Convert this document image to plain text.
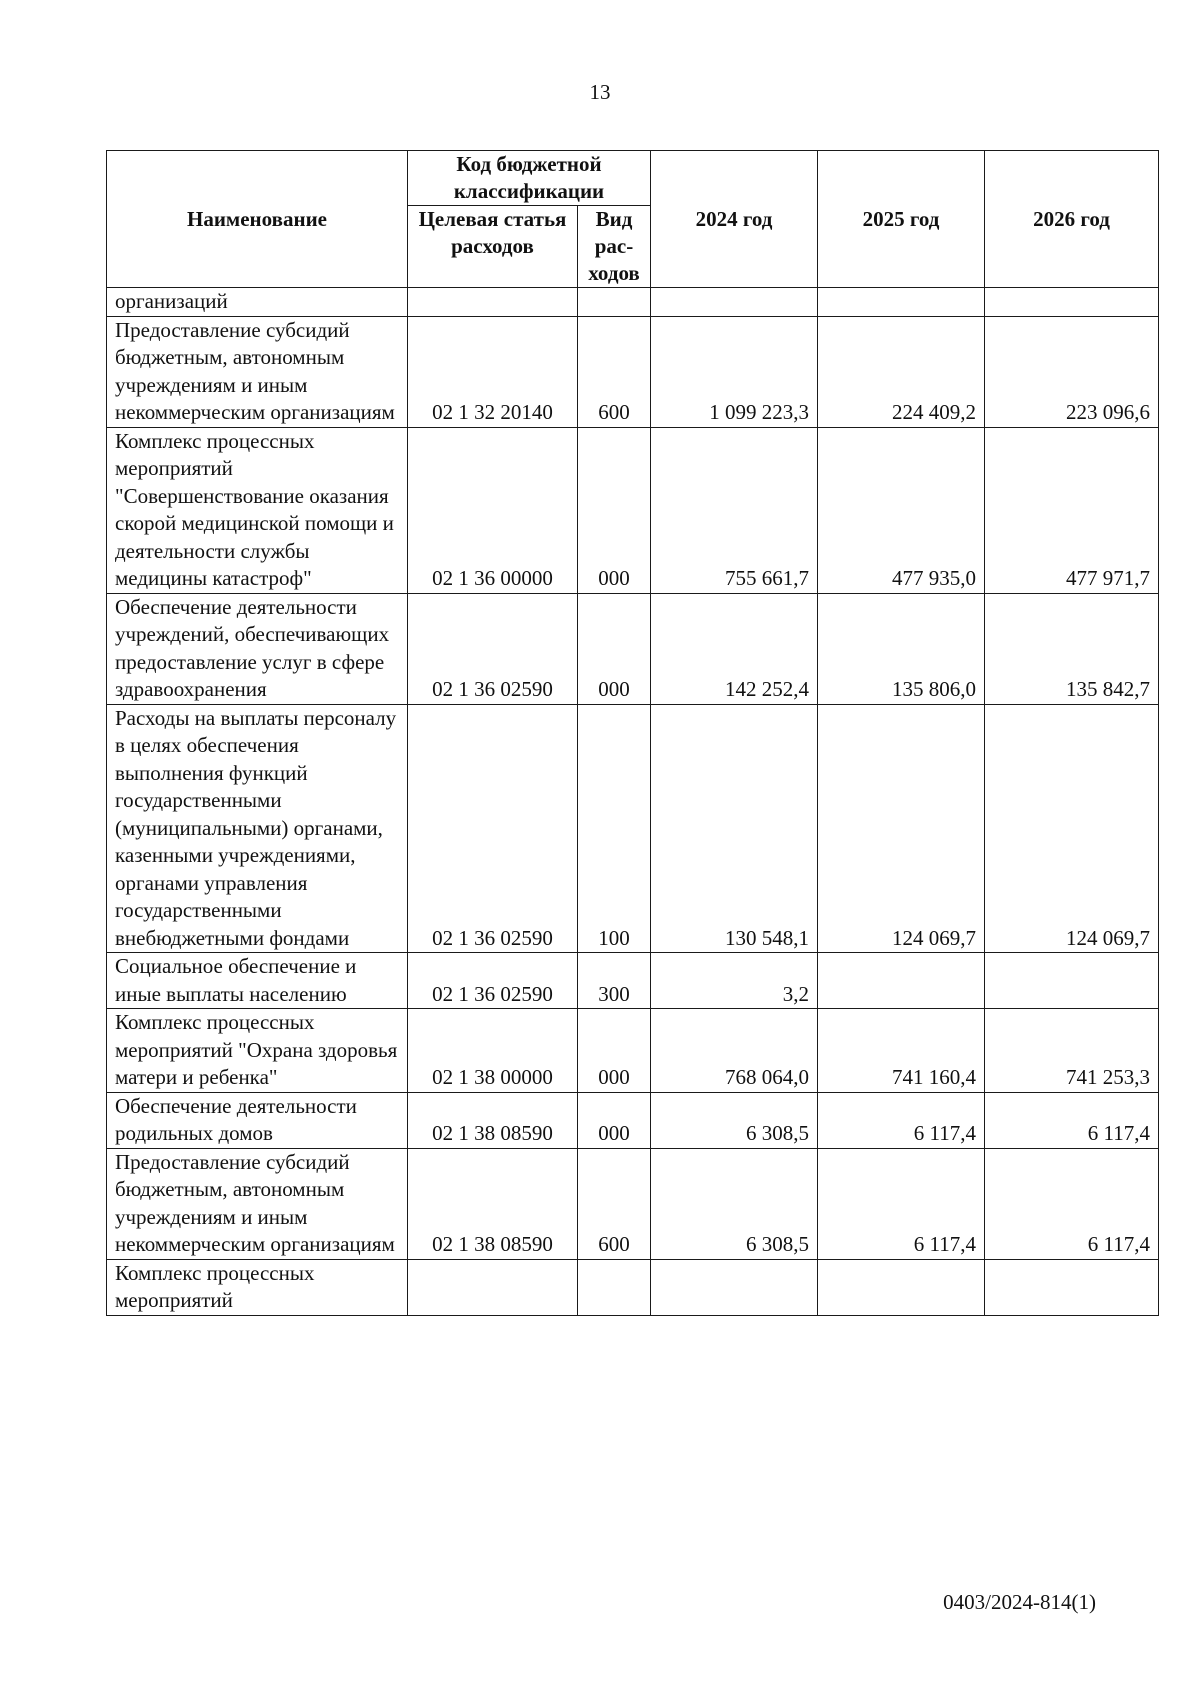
13
Наименование	Код бюджетной классификации		2024 год	2025 год	2026 год
	Целевая статья расходов	Вид рас-ходов			
организаций					
Предоставление субсидий бюджетным, автономным учреждениям и иным некоммерческим организациям	02 1 32 20140	600	1 099 223,3	224 409,2	223 096,6
Комплекс процессных мероприятий "Совершенствование оказания скорой медицинской помощи и деятельности службы медицины катастроф"	02 1 36 00000	000	755 661,7	477 935,0	477 971,7
Обеспечение деятельности учреждений, обеспечивающих предоставление услуг в сфере здравоохранения	02 1 36 02590	000	142 252,4	135 806,0	135 842,7
Расходы на выплаты персоналу в целях обеспечения выполнения функций государственными (муниципальными) органами, казенными учреждениями, органами управления государственными внебюджетными фондами	02 1 36 02590	100	130 548,1	124 069,7	124 069,7
Социальное обеспечение и иные выплаты населению	02 1 36 02590	300	3,2		
Комплекс процессных мероприятий "Охрана здоровья матери и ребенка"	02 1 38 00000	000	768 064,0	741 160,4	741 253,3
Обеспечение деятельности родильных домов	02 1 38 08590	000	6 308,5	6 117,4	6 117,4
Предоставление субсидий бюджетным, автономным учреждениям и иным некоммерческим организациям	02 1 38 08590	600	6 308,5	6 117,4	6 117,4
Комплекс процессных мероприятий					
0403/2024-814(1)
